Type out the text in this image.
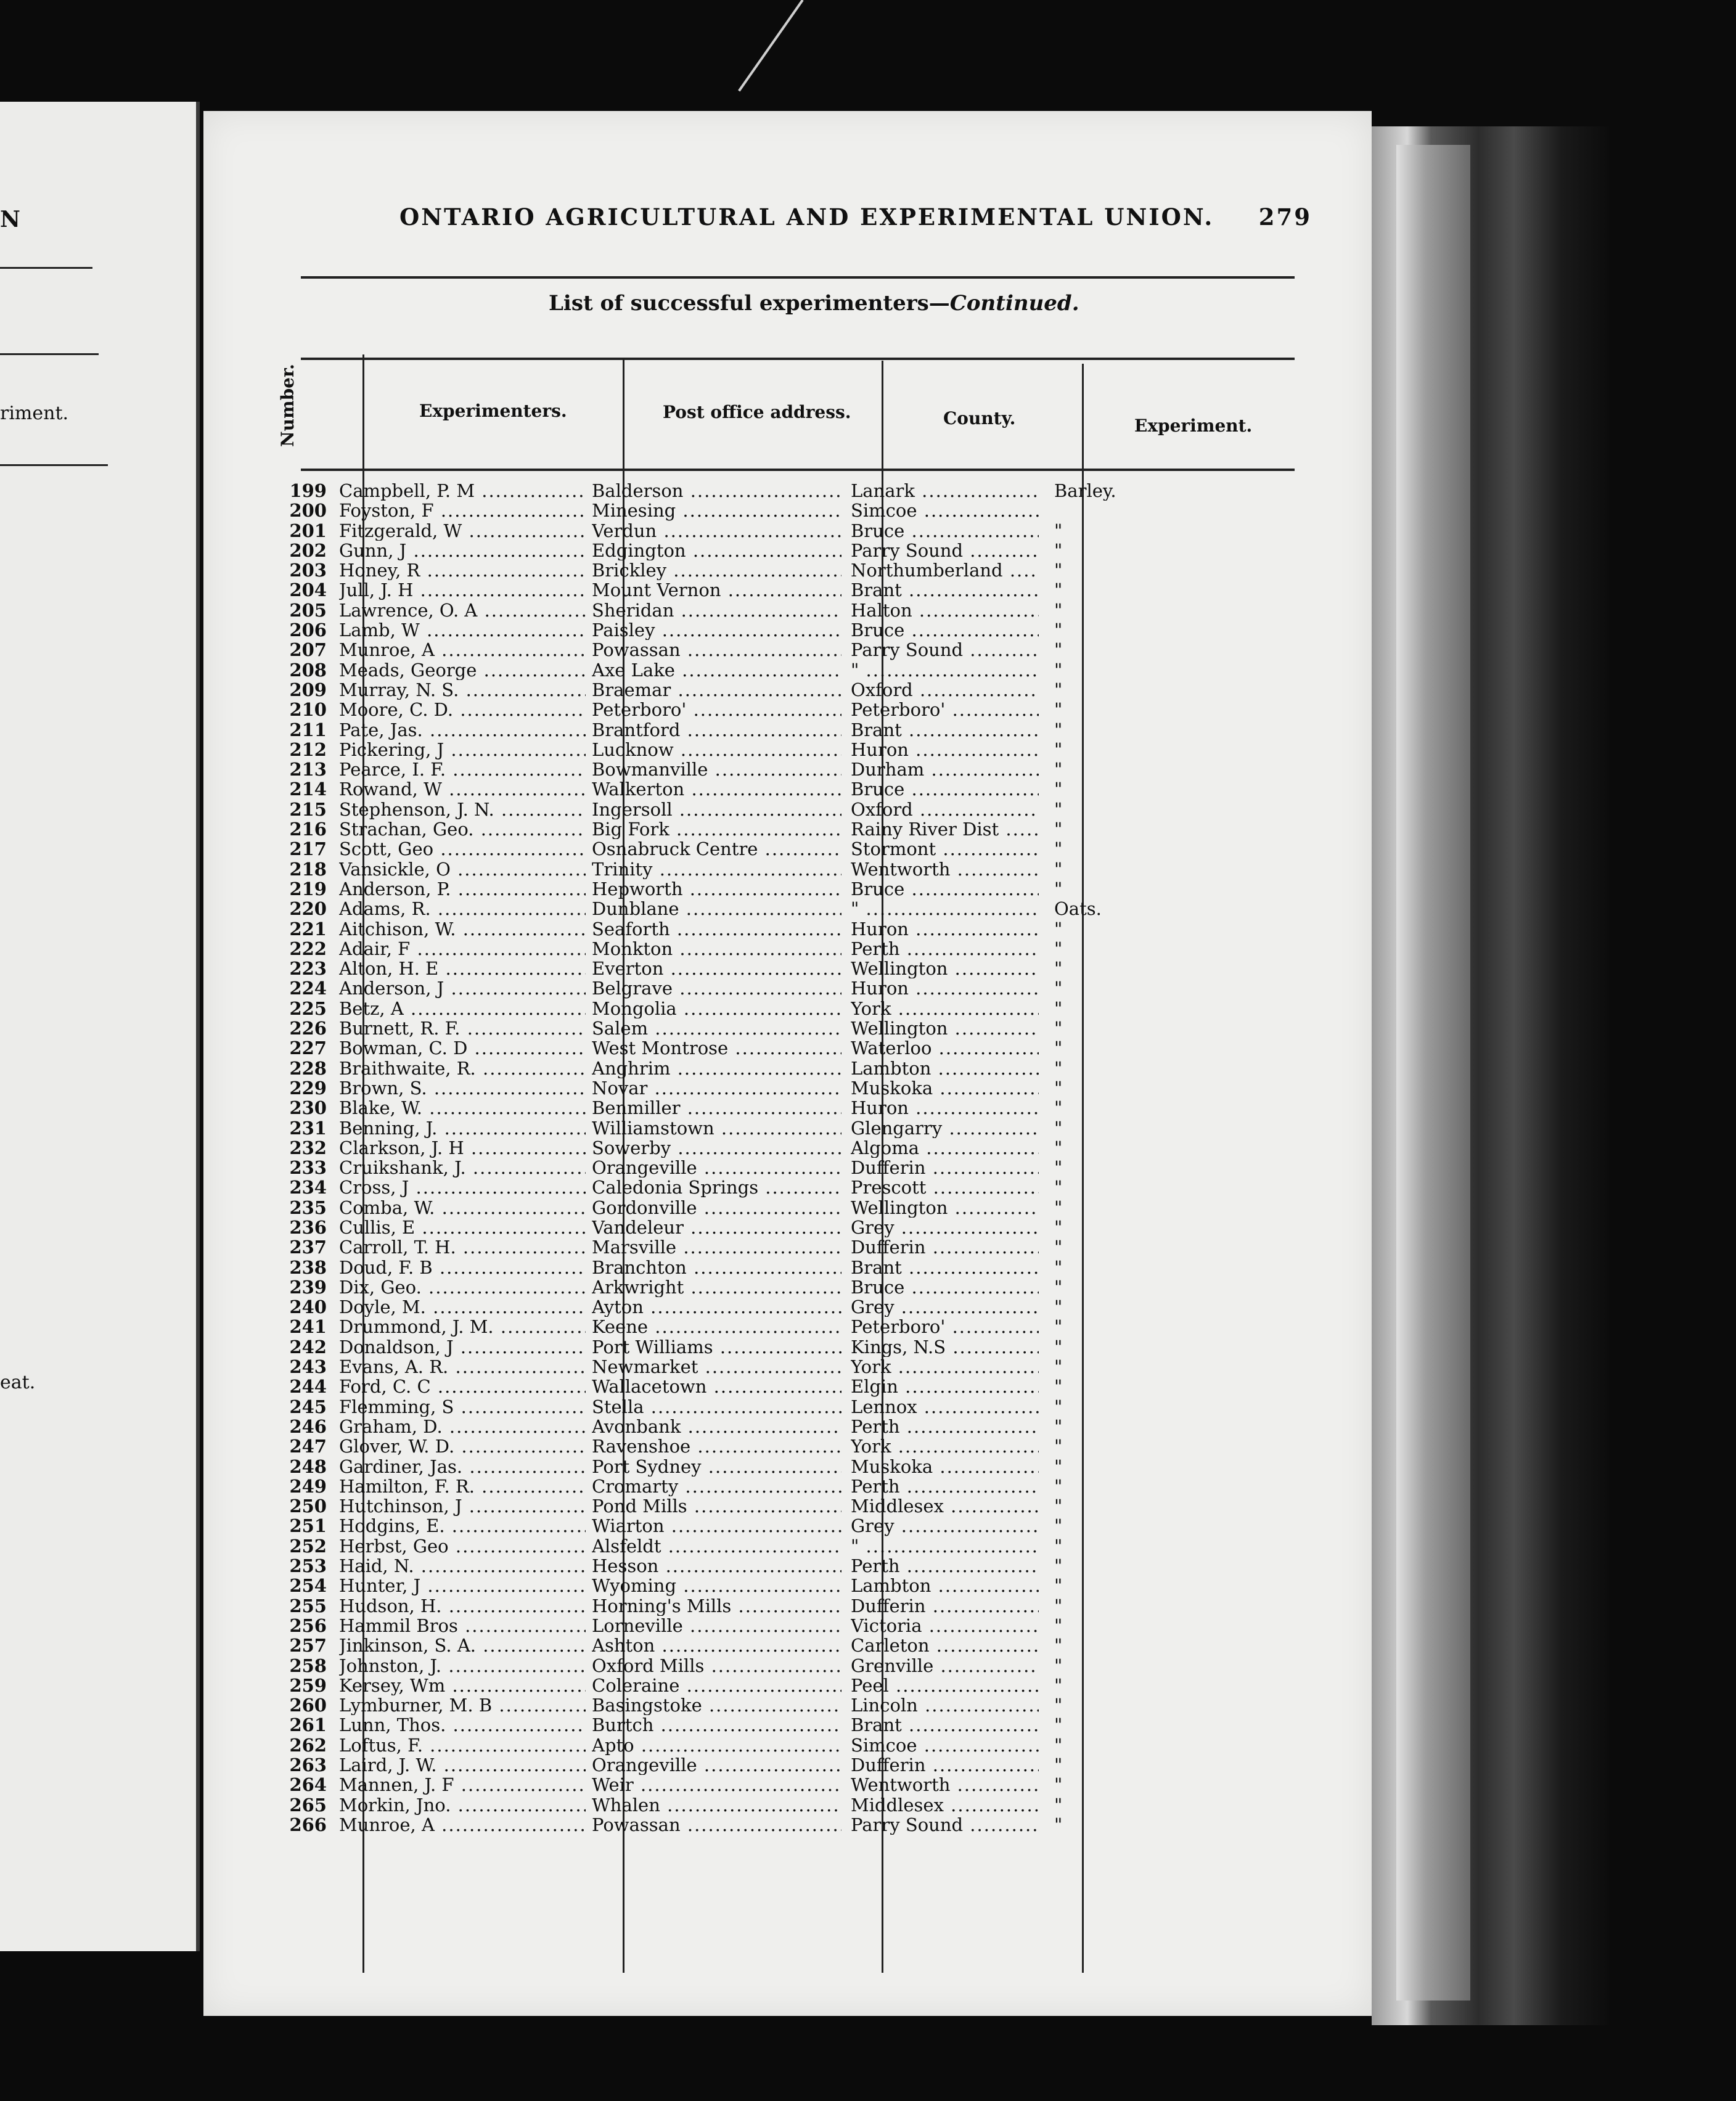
N
riment.
eat.
ONTARIO AGRICULTURAL AND EXPERIMENTAL UNION. 279
List of successful experimenters—Continued.
Number.	Experimenters.	Post office address.	County.	Experiment.
199 Campbell, P. M .....	Balderson .....	Lanark .....	Barley.
200 Foyston, F .....	Minesing .....	Simcoe .....
201 Fitzgerald, W .....	Verdun .....	Bruce .....	"
202 Gunn, J .....	Edgington .....	Parry Sound .....	"
203 Honey, R .....	Brickley .....	Northumberland .....	"
204 Jull, J. H .....	Mount Vernon .....	Brant .....	"
205 Lawrence, O. A .....	Sheridan .....	Halton .....	"
206 Lamb, W .....	Paisley .....	Bruce .....	"
207 Munroe, A .....	Powassan .....	Parry Sound .....	"
208 Meads, George .....	Axe Lake .....	" .....	"
209 Murray, N. S. .....	Braemar .....	Oxford .....	"
210 Moore, C. D. .....	Peterboro' .....	Peterboro' .....	"
211 Pate, Jas. .....	Brantford .....	Brant .....	"
212 Pickering, J .....	Lucknow .....	Huron .....	"
213 Pearce, I. F. .....	Bowmanville .....	Durham .....	"
214 Rowand, W .....	Walkerton .....	Bruce .....	"
215 Stephenson, J. N. .....	Ingersoll .....	Oxford .....	"
216 Strachan, Geo. .....	Big Fork .....	Rainy River Dist .....	"
217 Scott, Geo .....	Osnabruck Centre .....	Stormont .....	"
218 Vansickle, O .....	Trinity .....	Wentworth .....	"
219 Anderson, P. .....	Hepworth .....	Bruce .....	"
220 Adams, R. .....	Dunblane .....	" .....	Oats.
221 Aitchison, W. .....	Seaforth .....	Huron .....	"
222 Adair, F .....	Monkton .....	Perth .....	"
223 Alton, H. E .....	Everton .....	Wellington .....	"
224 Anderson, J .....	Belgrave .....	Huron .....	"
225 Betz, A .....	Mongolia .....	York .....	"
226 Burnett, R. F. .....	Salem .....	Wellington .....	"
227 Bowman, C. D .....	West Montrose .....	Waterloo .....	"
228 Braithwaite, R. .....	Anghrim .....	Lambton .....	"
229 Brown, S. .....	Novar .....	Muskoka .....	"
230 Blake, W. .....	Benmiller .....	Huron .....	"
231 Benning, J. .....	Williamstown .....	Glengarry .....	"
232 Clarkson, J. H .....	Sowerby .....	Algoma .....	"
233 Cruikshank, J. .....	Orangeville .....	Dufferin .....	"
234 Cross, J .....	Caledonia Springs .....	Prescott .....	"
235 Comba, W. .....	Gordonville .....	Wellington .....	"
236 Cullis, E .....	Vandeleur .....	Grey .....	"
237 Carroll, T. H. .....	Marsville .....	Dufferin .....	"
238 Doud, F. B .....	Branchton .....	Brant .....	"
239 Dix, Geo. .....	Arkwright .....	Bruce .....	"
240 Doyle, M. .....	Ayton .....	Grey .....	"
241 Drummond, J. M. .....	Keene .....	Peterboro' .....	"
242 Donaldson, J .....	Port Williams .....	Kings, N.S .....	"
243 Evans, A. R. .....	Newmarket .....	York .....	"
244 Ford, C. C .....	Wallacetown .....	Elgin .....	"
245 Flemming, S .....	Stella .....	Lennox .....	"
246 Graham, D. .....	Avonbank .....	Perth .....	"
247 Glover, W. D. .....	Ravenshoe .....	York .....	"
248 Gardiner, Jas. .....	Port Sydney .....	Muskoka .....	"
249 Hamilton, F. R. .....	Cromarty .....	Perth .....	"
250 Hutchinson, J .....	Pond Mills .....	Middlesex .....	"
251 Hodgins, E. .....	Wiarton .....	Grey .....	"
252 Herbst, Geo .....	Alsfeldt .....	" .....	"
253 Haid, N. .....	Hesson .....	Perth .....	"
254 Hunter, J .....	Wyoming .....	Lambton .....	"
255 Hudson, H. .....	Horning's Mills .....	Dufferin .....	"
256 Hammil Bros .....	Lorneville .....	Victoria .....	"
257 Jinkinson, S. A. .....	Ashton .....	Carleton .....	"
258 Johnston, J. .....	Oxford Mills .....	Grenville .....	"
259 Kersey, Wm .....	Coleraine .....	Peel .....	"
260 Lymburner, M. B .....	Basingstoke .....	Lincoln .....	"
261 Lunn, Thos. .....	Burtch .....	Brant .....	"
262 Loftus, F. .....	Apto .....	Simcoe .....	"
263 Laird, J. W. .....	Orangeville .....	Dufferin .....	"
264 Mannen, J. F .....	Weir .....	Wentworth .....	"
265 Morkin, Jno. .....	Whalen .....	Middlesex .....	"
266 Munroe, A .....	Powassan .....	Parry Sound .....	"
